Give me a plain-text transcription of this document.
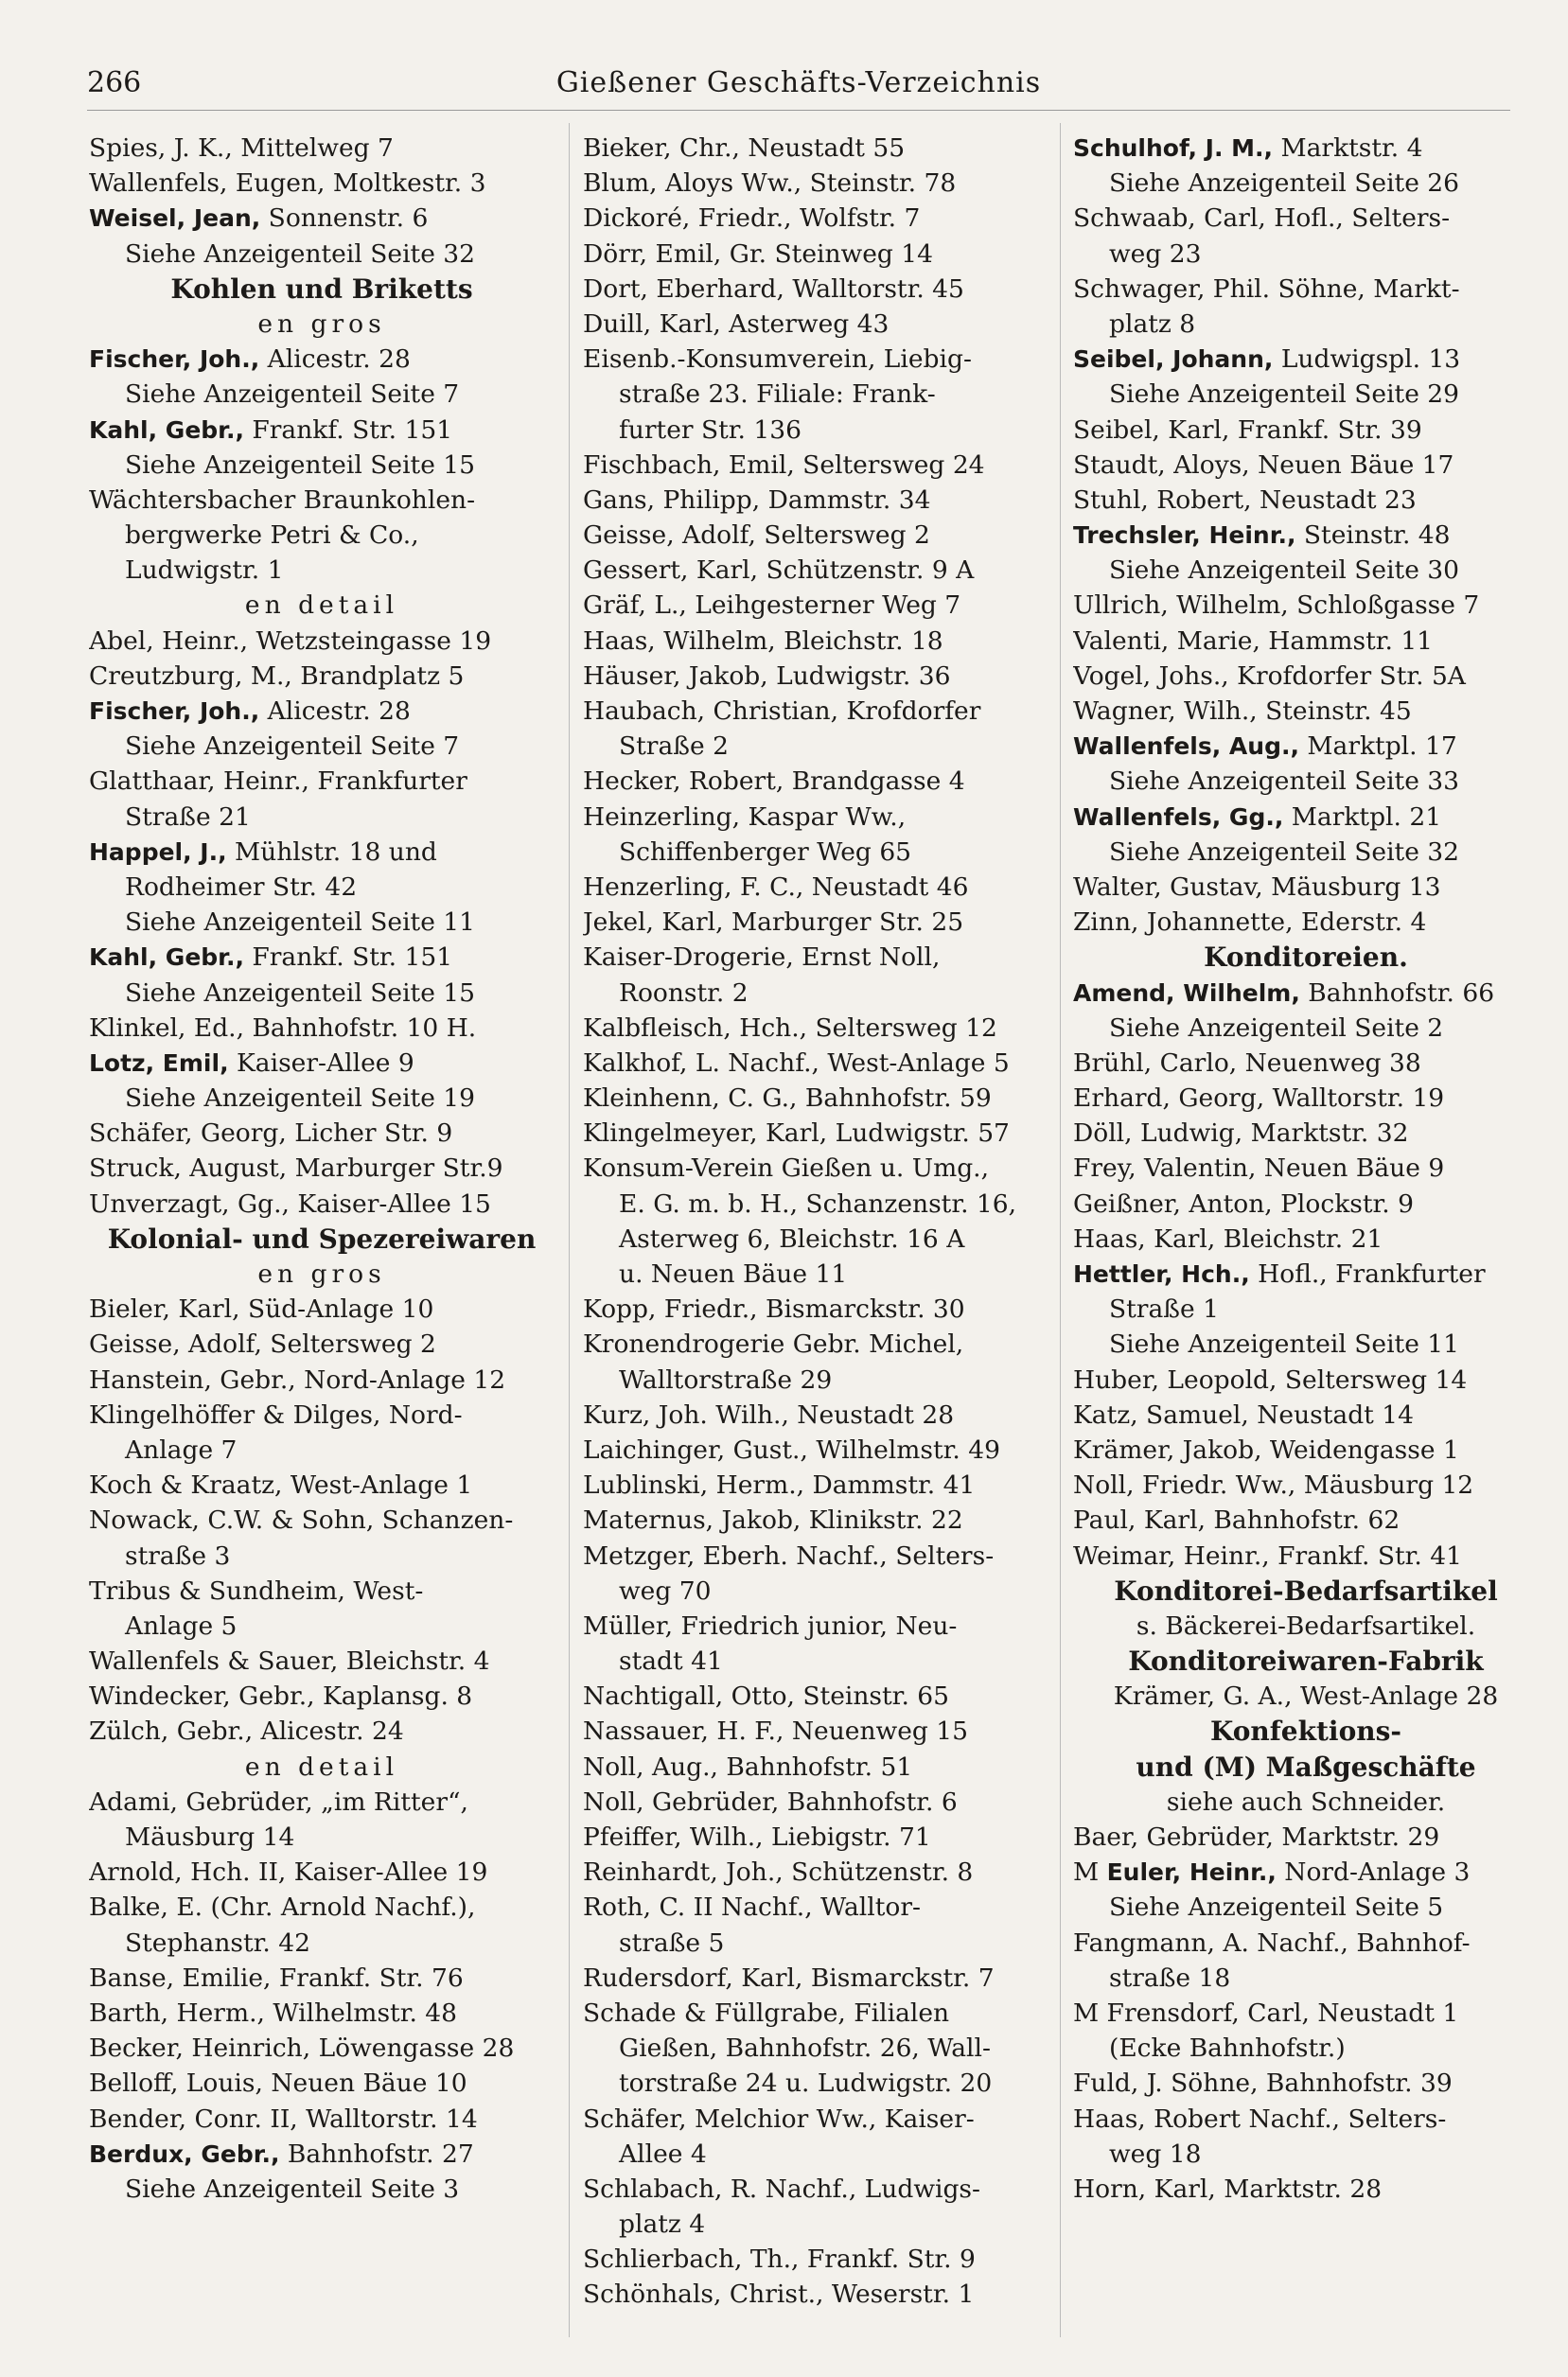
266	Gießener Geschäfts-Verzeichnis
Spies, J. K., Mittelweg 7
Wallenfels, Eugen, Moltkestr. 3
Weisel, Jean, Sonnenstr. 6
Siehe Anzeigenteil Seite 32
Kohlen und Briketts
en gros
Fischer, Joh., Alicestr. 28
Siehe Anzeigenteil Seite 7
Kahl, Gebr., Frankf. Str. 151
Siehe Anzeigenteil Seite 15
Wächtersbacher Braunkohlen-
bergwerke Petri & Co.,
Ludwigstr. 1
en detail
Abel, Heinr., Wetzsteingasse 19
Creutzburg, M., Brandplatz 5
Fischer, Joh., Alicestr. 28
Siehe Anzeigenteil Seite 7
Glatthaar, Heinr., Frankfurter
Straße 21
Happel, J., Mühlstr. 18 und
Rodheimer Str. 42
Siehe Anzeigenteil Seite 11
Kahl, Gebr., Frankf. Str. 151
Siehe Anzeigenteil Seite 15
Klinkel, Ed., Bahnhofstr. 10 H.
Lotz, Emil, Kaiser-Allee 9
Siehe Anzeigenteil Seite 19
Schäfer, Georg, Licher Str. 9
Struck, August, Marburger Str.9
Unverzagt, Gg., Kaiser-Allee 15
Kolonial- und Spezereiwaren
en gros
Bieler, Karl, Süd-Anlage 10
Geisse, Adolf, Seltersweg 2
Hanstein, Gebr., Nord-Anlage 12
Klingelhöffer & Dilges, Nord-
Anlage 7
Koch & Kraatz, West-Anlage 1
Nowack, C.W. & Sohn, Schanzen-
straße 3
Tribus & Sundheim, West-
Anlage 5
Wallenfels & Sauer, Bleichstr. 4
Windecker, Gebr., Kaplansg. 8
Zülch, Gebr., Alicestr. 24
en detail
Adami, Gebrüder, „im Ritter“,
Mäusburg 14
Arnold, Hch. II, Kaiser-Allee 19
Balke, E. (Chr. Arnold Nachf.),
Stephanstr. 42
Banse, Emilie, Frankf. Str. 76
Barth, Herm., Wilhelmstr. 48
Becker, Heinrich, Löwengasse 28
Belloff, Louis, Neuen Bäue 10
Bender, Conr. II, Walltorstr. 14
Berdux, Gebr., Bahnhofstr. 27
Siehe Anzeigenteil Seite 3
Bieker, Chr., Neustadt 55
Blum, Aloys Ww., Steinstr. 78
Dickoré, Friedr., Wolfstr. 7
Dörr, Emil, Gr. Steinweg 14
Dort, Eberhard, Walltorstr. 45
Duill, Karl, Asterweg 43
Eisenb.-Konsumverein, Liebig-
straße 23. Filiale: Frank-
furter Str. 136
Fischbach, Emil, Seltersweg 24
Gans, Philipp, Dammstr. 34
Geisse, Adolf, Seltersweg 2
Gessert, Karl, Schützenstr. 9 A
Gräf, L., Leihgesterner Weg 7
Haas, Wilhelm, Bleichstr. 18
Häuser, Jakob, Ludwigstr. 36
Haubach, Christian, Krofdorfer
Straße 2
Hecker, Robert, Brandgasse 4
Heinzerling, Kaspar Ww.,
Schiffenberger Weg 65
Henzerling, F. C., Neustadt 46
Jekel, Karl, Marburger Str. 25
Kaiser-Drogerie, Ernst Noll,
Roonstr. 2
Kalbfleisch, Hch., Seltersweg 12
Kalkhof, L. Nachf., West-Anlage 5
Kleinhenn, C. G., Bahnhofstr. 59
Klingelmeyer, Karl, Ludwigstr. 57
Konsum-Verein Gießen u. Umg.,
E. G. m. b. H., Schanzenstr. 16,
Asterweg 6, Bleichstr. 16 A
u. Neuen Bäue 11
Kopp, Friedr., Bismarckstr. 30
Kronendrogerie Gebr. Michel,
Walltorstraße 29
Kurz, Joh. Wilh., Neustadt 28
Laichinger, Gust., Wilhelmstr. 49
Lublinski, Herm., Dammstr. 41
Maternus, Jakob, Klinikstr. 22
Metzger, Eberh. Nachf., Selters-
weg 70
Müller, Friedrich junior, Neu-
stadt 41
Nachtigall, Otto, Steinstr. 65
Nassauer, H. F., Neuenweg 15
Noll, Aug., Bahnhofstr. 51
Noll, Gebrüder, Bahnhofstr. 6
Pfeiffer, Wilh., Liebigstr. 71
Reinhardt, Joh., Schützenstr. 8
Roth, C. II Nachf., Walltor-
straße 5
Rudersdorf, Karl, Bismarckstr. 7
Schade & Füllgrabe, Filialen
Gießen, Bahnhofstr. 26, Wall-
torstraße 24 u. Ludwigstr. 20
Schäfer, Melchior Ww., Kaiser-
Allee 4
Schlabach, R. Nachf., Ludwigs-
platz 4
Schlierbach, Th., Frankf. Str. 9
Schönhals, Christ., Weserstr. 1
Schulhof, J. M., Marktstr. 4
Siehe Anzeigenteil Seite 26
Schwaab, Carl, Hofl., Selters-
weg 23
Schwager, Phil. Söhne, Markt-
platz 8
Seibel, Johann, Ludwigspl. 13
Siehe Anzeigenteil Seite 29
Seibel, Karl, Frankf. Str. 39
Staudt, Aloys, Neuen Bäue 17
Stuhl, Robert, Neustadt 23
Trechsler, Heinr., Steinstr. 48
Siehe Anzeigenteil Seite 30
Ullrich, Wilhelm, Schloßgasse 7
Valenti, Marie, Hammstr. 11
Vogel, Johs., Krofdorfer Str. 5A
Wagner, Wilh., Steinstr. 45
Wallenfels, Aug., Marktpl. 17
Siehe Anzeigenteil Seite 33
Wallenfels, Gg., Marktpl. 21
Siehe Anzeigenteil Seite 32
Walter, Gustav, Mäusburg 13
Zinn, Johannette, Ederstr. 4
Konditoreien.
Amend, Wilhelm, Bahnhofstr. 66
Siehe Anzeigenteil Seite 2
Brühl, Carlo, Neuenweg 38
Erhard, Georg, Walltorstr. 19
Döll, Ludwig, Marktstr. 32
Frey, Valentin, Neuen Bäue 9
Geißner, Anton, Plockstr. 9
Haas, Karl, Bleichstr. 21
Hettler, Hch., Hofl., Frankfurter
Straße 1
Siehe Anzeigenteil Seite 11
Huber, Leopold, Seltersweg 14
Katz, Samuel, Neustadt 14
Krämer, Jakob, Weidengasse 1
Noll, Friedr. Ww., Mäusburg 12
Paul, Karl, Bahnhofstr. 62
Weimar, Heinr., Frankf. Str. 41
Konditorei-Bedarfsartikel
s. Bäckerei-Bedarfsartikel.
Konditoreiwaren-Fabrik
Krämer, G. A., West-Anlage 28
Konfektions-
und (M) Maßgeschäfte
siehe auch Schneider.
Baer, Gebrüder, Marktstr. 29
M Euler, Heinr., Nord-Anlage 3
Siehe Anzeigenteil Seite 5
Fangmann, A. Nachf., Bahnhof-
straße 18
M Frensdorf, Carl, Neustadt 1
(Ecke Bahnhofstr.)
Fuld, J. Söhne, Bahnhofstr. 39
Haas, Robert Nachf., Selters-
weg 18
Horn, Karl, Marktstr. 28
